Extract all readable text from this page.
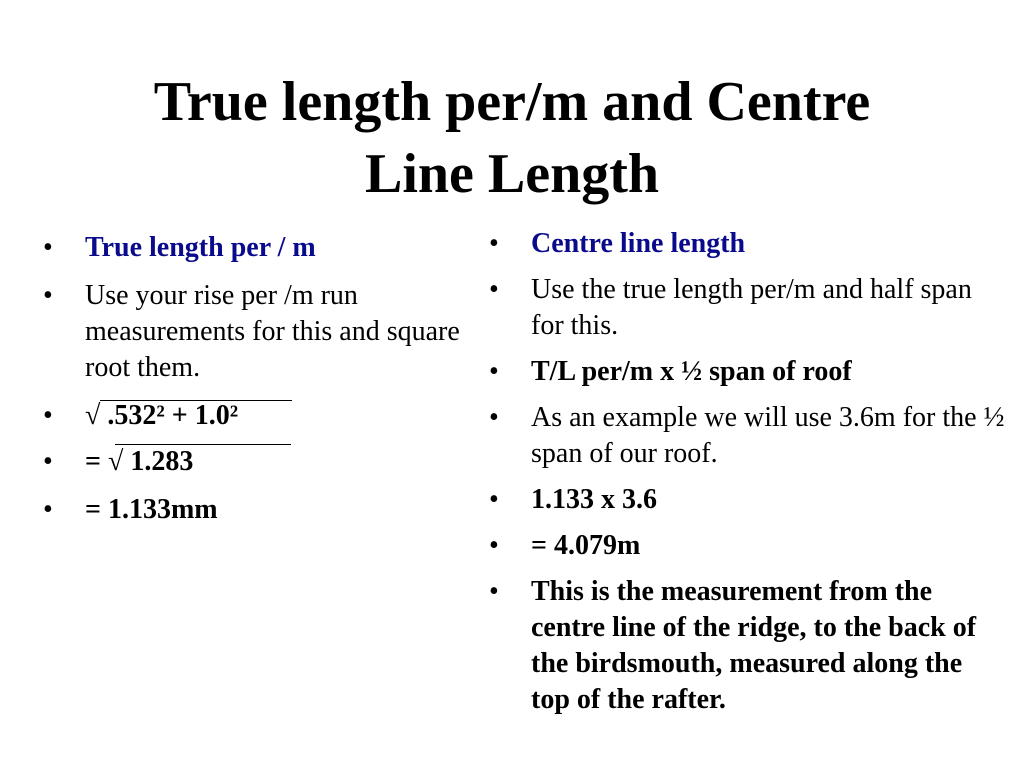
True length per/m and Centre
Line Length
• True length per / m
• Use your rise per /m run measurements for this and square root them.
• √ .532² + 1.0²
• = √ 1.283
• = 1.133mm
• Centre line length
• Use the true length per/m and half span for this.
• T/L per/m x ½ span of roof
• As an example we will use 3.6m for the ½ span of our roof.
• 1.133 x 3.6
• = 4.079m
• This is the measurement from the centre line of the ridge, to the back of the birdsmouth, measured along the top of the rafter.
